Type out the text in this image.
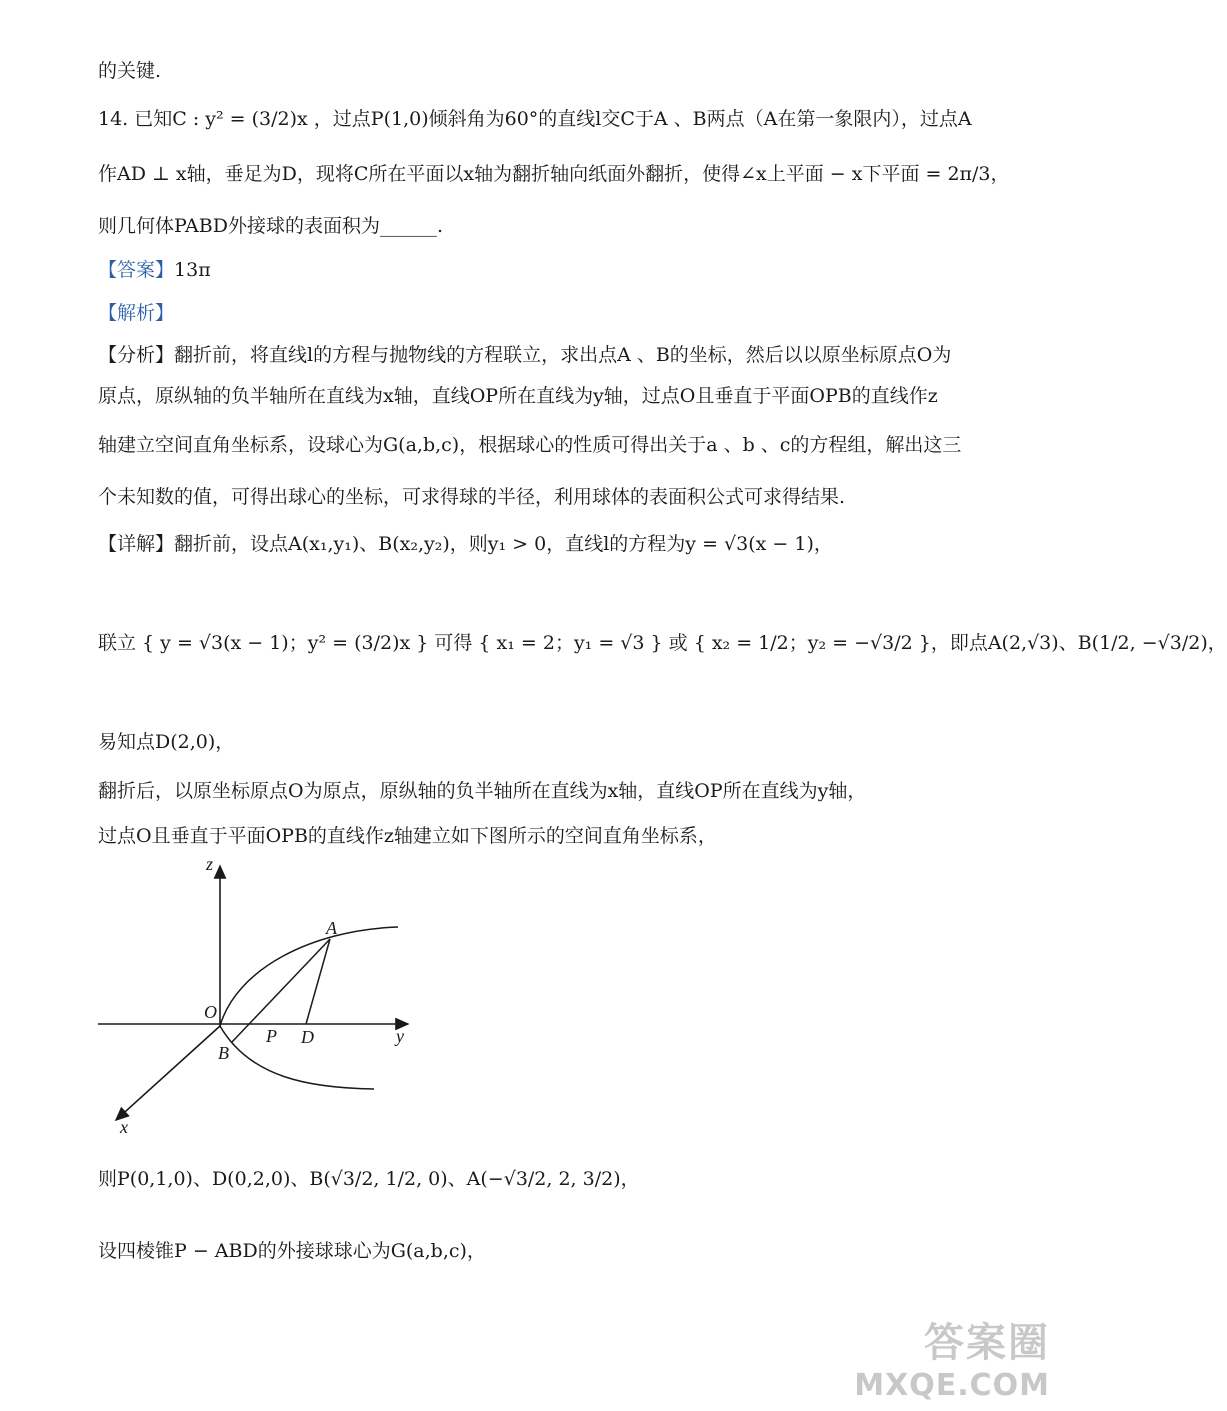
的关键.
14. 已知C : y² = (3/2)x ，过点P(1,0)倾斜角为60°的直线l交C于A 、B两点（A在第一象限内），过点A
作AD ⊥ x轴，垂足为D，现将C所在平面以x轴为翻折轴向纸面外翻折，使得∠x上平面 − x下平面 = 2π/3，
则几何体PABD外接球的表面积为______.
【答案】13π
【解析】
【分析】翻折前，将直线l的方程与抛物线的方程联立，求出点A 、B的坐标，然后以以原坐标原点O为
原点，原纵轴的负半轴所在直线为x轴，直线OP所在直线为y轴，过点O且垂直于平面OPB的直线作z
轴建立空间直角坐标系，设球心为G(a,b,c)，根据球心的性质可得出关于a 、b 、c的方程组，解出这三
个未知数的值，可得出球心的坐标，可求得球的半径，利用球体的表面积公式可求得结果.
【详解】翻折前，设点A(x₁,y₁)、B(x₂,y₂)，则y₁ > 0，直线l的方程为y = √3(x − 1)，
联立 { y = √3(x − 1)；y² = (3/2)x } 可得 { x₁ = 2；y₁ = √3 } 或 { x₂ = 1/2；y₂ = −√3/2 }，即点A(2,√3)、B(1/2, −√3/2)，
易知点D(2,0)，
翻折后，以原坐标原点O为原点，原纵轴的负半轴所在直线为x轴，直线OP所在直线为y轴，
过点O且垂直于平面OPB的直线作z轴建立如下图所示的空间直角坐标系，
z
y
x
O
A
B
P D
则P(0,1,0)、D(0,2,0)、B(√3/2, 1/2, 0)、A(−√3/2, 2, 3/2)，
设四棱锥P − ABD的外接球球心为G(a,b,c)，
答案圈
MXQE.COM
